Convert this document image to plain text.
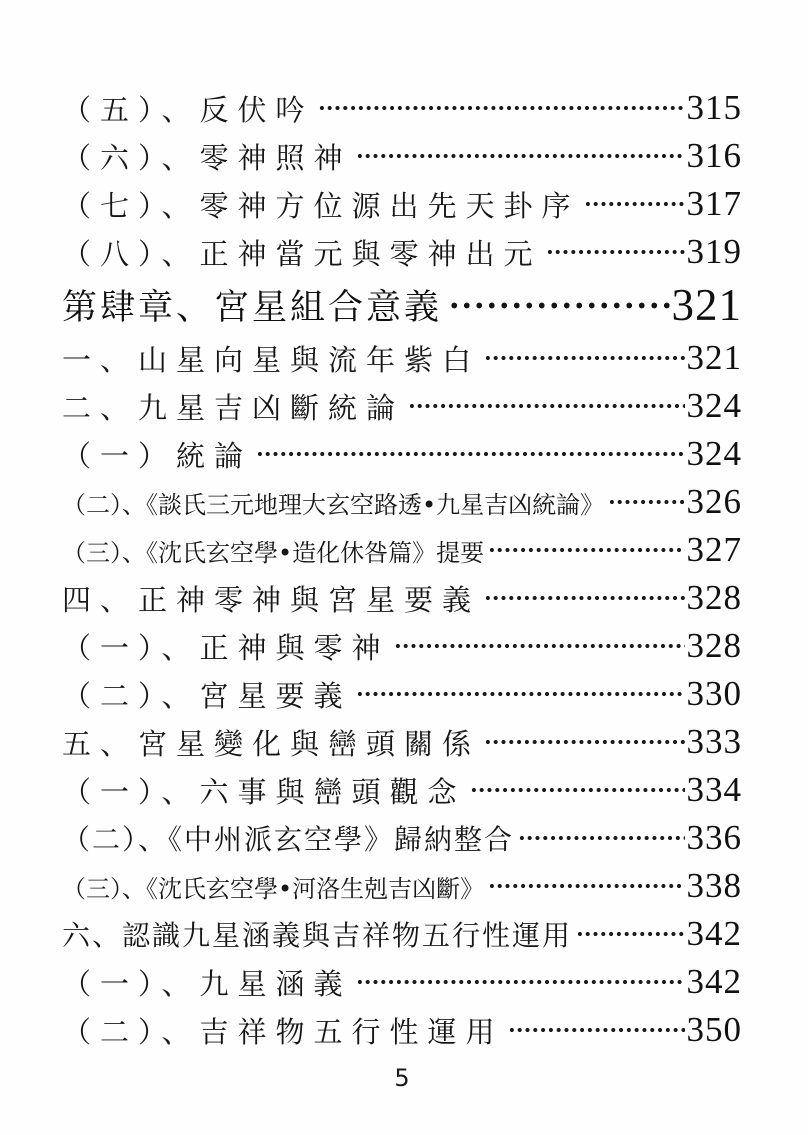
（五）、反伏吟	315
（六）、零神照神	316
（七）、零神方位源出先天卦序	317
（八）、正神當元與零神出元	319
第肆章、宮星組合意義	321
一、山星向星與流年紫白	321
二、九星吉凶斷統論	324
（一）統論	324
（二）、《談氏三元地理大玄空路透•九星吉凶統論》 326
（三）、《沈氏玄空學•造化休咎篇》提要	327
四、正神零神與宮星要義	328
（一）、正神與零神	328
（二）、宮星要義	330
五、宮星變化與巒頭關係	333
（一）、六事與巒頭觀念	334
（二）、《中州派玄空學》歸納整合	336
（三）、《沈氏玄空學•河洛生剋吉凶斷》	338
六、認識九星涵義與吉祥物五行性運用	342
（一）、九星涵義	342
（二）、吉祥物五行性運用	350
5
